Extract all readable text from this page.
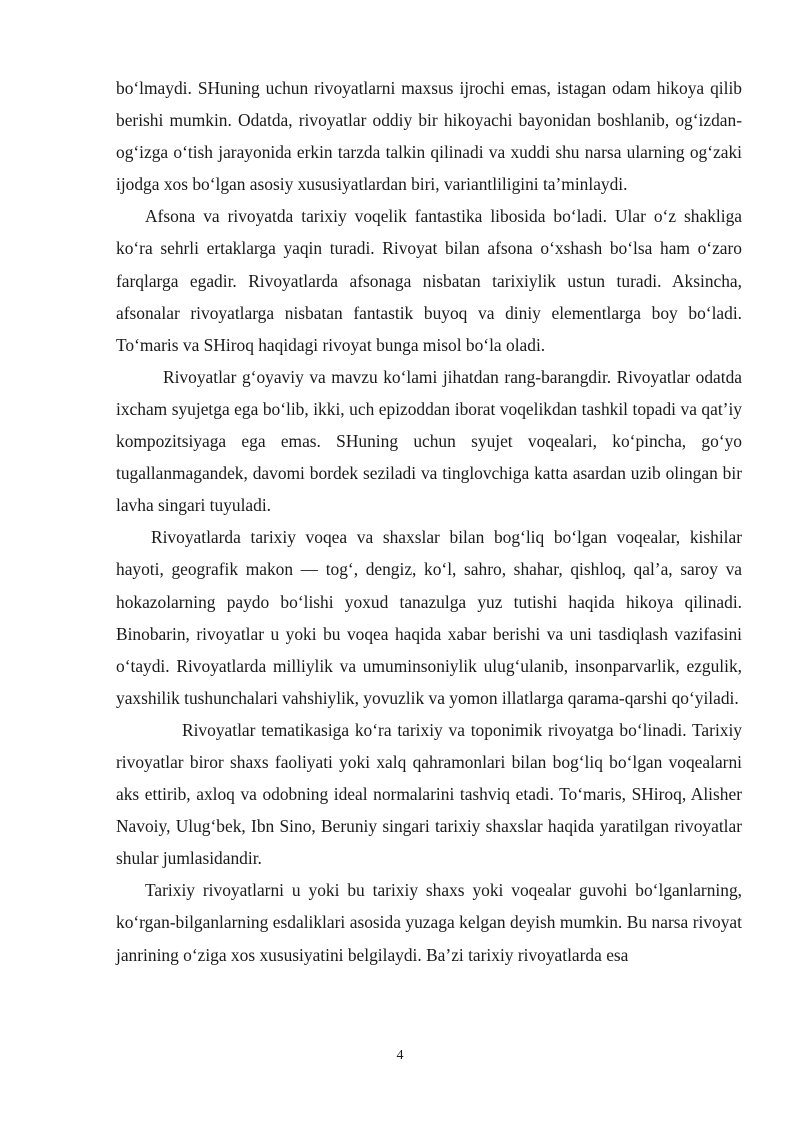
bo‘lmaydi. SHuning uchun rivoyatlarni maxsus ijrochi emas, istagan odam hikoya qilib berishi mumkin. Odatda, rivoyatlar oddiy bir hikoyachi bayonidan boshlanib, og‘izdan-og‘izga o‘tish jarayonida erkin tarzda talkin qilinadi va xuddi shu narsa ularning og‘zaki ijodga xos bo‘lgan asosiy xususiyatlardan biri, variantliligini ta’minlaydi.

Afsona va rivoyatda tarixiy voqelik fantastika libosida bo‘ladi. Ular o‘z shakliga ko‘ra sehrli ertaklarga yaqin turadi. Rivoyat bilan afsona o‘xshash bo‘lsa ham o‘zaro farqlarga egadir. Rivoyatlarda afsonaga nisbatan tarixiylik ustun turadi. Aksincha, afsonalar rivoyatlarga nisbatan fantastik buyoq va diniy elementlarga boy bo‘ladi. To‘maris va SHiroq haqidagi rivoyat bunga misol bo‘la oladi.

Rivoyatlar g‘oyaviy va mavzu ko‘lami jihatdan rang-barangdir. Rivoyatlar odatda ixcham syujetga ega bo‘lib, ikki, uch epizoddan iborat voqelikdan tashkil topadi va qat’iy kompozitsiyaga ega emas. SHuning uchun syujet voqealari, ko‘pincha, go‘yo tugallanmagandek, davomi bordek seziladi va tinglovchiga katta asardan uzib olingan bir lavha singari tuyuladi.

Rivoyatlarda tarixiy voqea va shaxslar bilan bog‘liq bo‘lgan voqealar, kishilar hayoti, geografik makon — tog‘, dengiz, ko‘l, sahro, shahar, qishloq, qal’a, saroy va hokazolarning paydo bo‘lishi yoxud tanazulga yuz tutishi haqida hikoya qilinadi. Binobarin, rivoyatlar u yoki bu voqea haqida xabar berishi va uni tasdiqlash vazifasini o‘taydi. Rivoyatlarda milliylik va umuminsoniylik ulug‘ulanib, insonparvarlik, ezgulik, yaxshilik tushunchalari vahshiylik, yovuzlik va yomon illatlarga qarama-qarshi qo‘yiladi.

Rivoyatlar tematikasiga ko‘ra tarixiy va toponimik rivoyatga bo‘linadi. Tarixiy rivoyatlar biror shaxs faoliyati yoki xalq qahramonlari bilan bog‘liq bo‘lgan voqealarni aks ettirib, axloq va odobning ideal normalarini tashviq etadi. To‘maris, SHiroq, Alisher Navoiy, Ulug‘bek, Ibn Sino, Beruniy singari tarixiy shaxslar haqida yaratilgan rivoyatlar shular jumlasidandir.

Tarixiy rivoyatlarni u yoki bu tarixiy shaxs yoki voqealar guvohi bo‘lganlarning, ko‘rgan-bilganlarning esdaliklari asosida yuzaga kelgan deyish mumkin. Bu narsa rivoyat janrining o‘ziga xos xususiyatini belgilaydi. Ba’zi tarixiy rivoyatlarda esa

4
